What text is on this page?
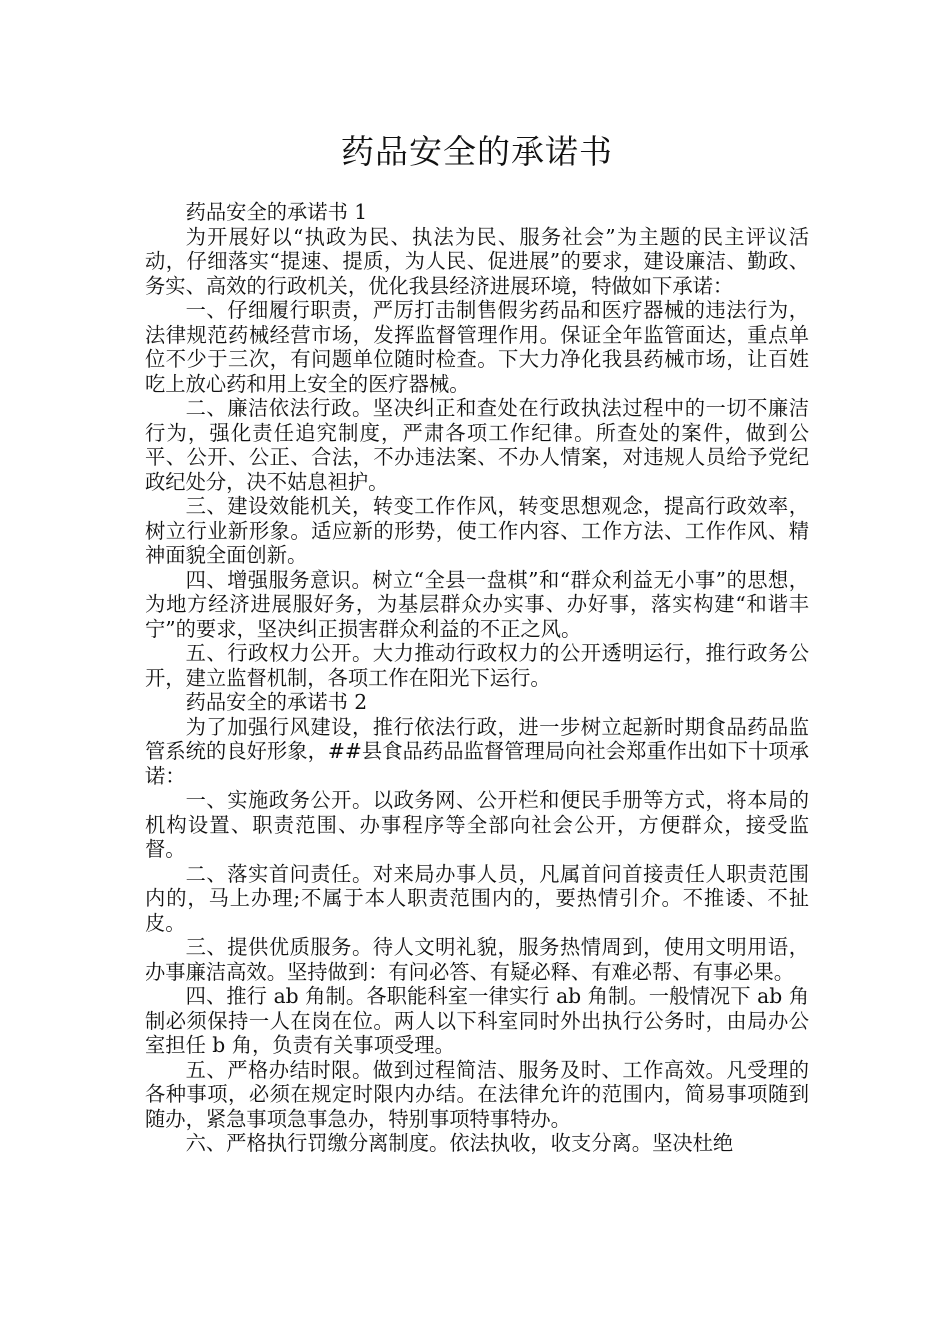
药品安全的承诺书

药品安全的承诺书 1

为开展好以“执政为民、执法为民、服务社会”为主题的民主评议活动，仔细落实“提速、提质，为人民、促进展”的要求，建设廉洁、勤政、务实、高效的行政机关，优化我县经济进展环境，特做如下承诺：

一、仔细履行职责，严厉打击制售假劣药品和医疗器械的违法行为，法律规范药械经营市场，发挥监督管理作用。保证全年监管面达，重点单位不少于三次，有问题单位随时检查。下大力净化我县药械市场，让百姓吃上放心药和用上安全的医疗器械。

二、廉洁依法行政。坚决纠正和查处在行政执法过程中的一切不廉洁行为，强化责任追究制度，严肃各项工作纪律。所查处的案件，做到公平、公开、公正、合法，不办违法案、不办人情案，对违规人员给予党纪政纪处分，决不姑息袒护。

三、建设效能机关，转变工作作风，转变思想观念，提高行政效率，树立行业新形象。适应新的形势，使工作内容、工作方法、工作作风、精神面貌全面创新。

四、增强服务意识。树立“全县一盘棋”和“群众利益无小事”的思想，为地方经济进展服好务，为基层群众办实事、办好事，落实构建“和谐丰宁”的要求，坚决纠正损害群众利益的不正之风。

五、行政权力公开。大力推动行政权力的公开透明运行，推行政务公开，建立监督机制，各项工作在阳光下运行。

药品安全的承诺书 2

为了加强行风建设，推行依法行政，进一步树立起新时期食品药品监管系统的良好形象，##县食品药品监督管理局向社会郑重作出如下十项承诺：

一、实施政务公开。以政务网、公开栏和便民手册等方式，将本局的机构设置、职责范围、办事程序等全部向社会公开，方便群众，接受监督。

二、落实首问责任。对来局办事人员，凡属首问首接责任人职责范围内的，马上办理;不属于本人职责范围内的，要热情引介。不推诿、不扯皮。

三、提供优质服务。待人文明礼貌，服务热情周到，使用文明用语，办事廉洁高效。坚持做到：有问必答、有疑必释、有难必帮、有事必果。

四、推行 ab 角制。各职能科室一律实行 ab 角制。一般情况下 ab 角制必须保持一人在岗在位。两人以下科室同时外出执行公务时，由局办公室担任 b 角，负责有关事项受理。

五、严格办结时限。做到过程简洁、服务及时、工作高效。凡受理的各种事项，必须在规定时限内办结。在法律允许的范围内，简易事项随到随办，紧急事项急事急办，特别事项特事特办。

六、严格执行罚缴分离制度。依法执收，收支分离。坚决杜绝
